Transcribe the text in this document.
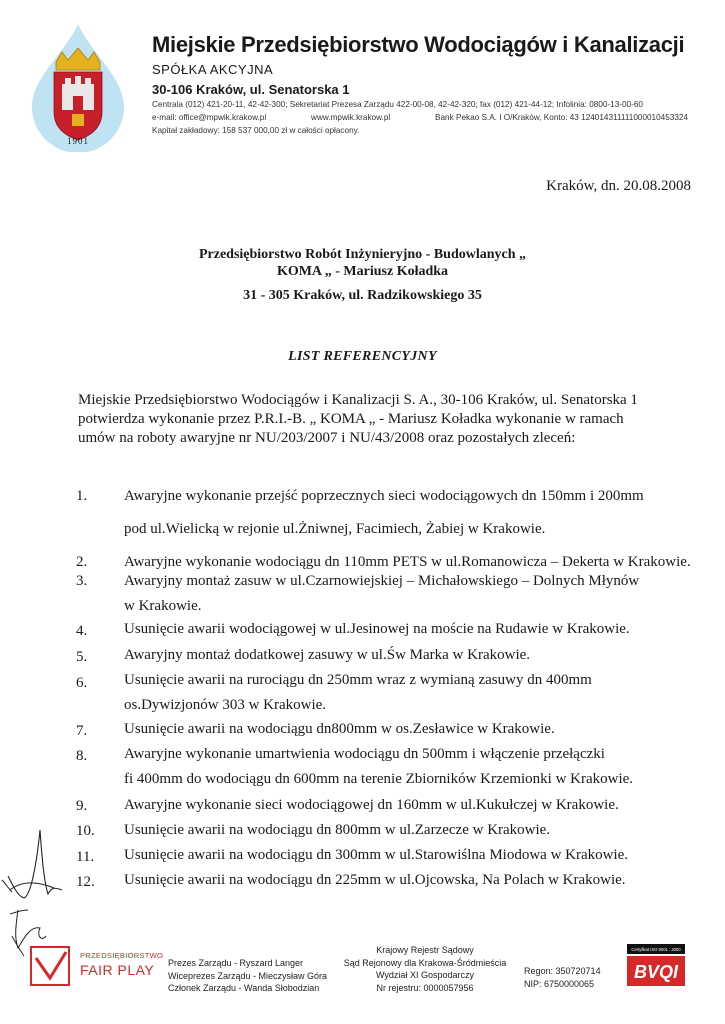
1901
Miejskie Przedsiębiorstwo Wodociągów i Kanalizacji
SPÓŁKA AKCYJNA
30-106 Kraków, ul. Senatorska 1
Centrala (012) 421-20-11, 42-42-300; Sekretariat Prezesa Zarządu 422-00-08, 42-42-320; fax (012) 421-44-12; Infolinia: 0800-13-00-60
e-mail: office@mpwik.krakow.pl	www.mpwik.krakow.pl	Bank Pekao S.A. I O/Kraków, Konto: 43 124014311111000010453324
Kapitał zakładowy: 158 537 000,00 zł w całości opłacony.
Kraków, dn. 20.08.2008
Przedsiębiorstwo Robót Inżynieryjno - Budowlanych „
KOMA „ - Mariusz Koładka
31 - 305 Kraków, ul. Radzikowskiego 35
LIST REFERENCYJNY
Miejskie Przedsiębiorstwo Wodociągów i Kanalizacji S. A., 30-106 Kraków, ul. Senatorska 1
potwierdza wykonanie przez P.R.I.-B. „ KOMA „ - Mariusz Koładka wykonanie w ramach
umów na roboty awaryjne nr NU/203/2007 i NU/43/2008 oraz pozostałych zleceń:
1.	Awaryjne wykonanie przejść poprzecznych sieci wodociągowych dn 150mm i 200mm
pod ul.Wielicką w rejonie ul.Żniwnej, Facimiech, Żabiej w Krakowie.
2.	Awaryjne wykonanie wodociągu dn 110mm PETS w ul.Romanowicza – Dekerta w Krakowie.
3.	Awaryjny montaż zasuw w ul.Czarnowiejskiej – Michałowskiego – Dolnych Młynów
w Krakowie.
4.	Usunięcie awarii wodociągowej w ul.Jesinowej na moście na Rudawie w Krakowie.
5.	Awaryjny montaż dodatkowej zasuwy w ul.Św Marka w Krakowie.
6.	Usunięcie awarii na rurociągu dn 250mm wraz z wymianą zasuwy dn 400mm
os.Dywizjonów 303 w Krakowie.
7.	Usunięcie awarii na wodociągu dn800mm w os.Zesławice w Krakowie.
8.	Awaryjne wykonanie umartwienia wodociągu dn 500mm i włączenie przełączki
fi 400mm do wodociągu dn 600mm na terenie Zbiorników Krzemionki w Krakowie.
9.	Awaryjne wykonanie sieci wodociągowej dn 160mm w ul.Kukułczej w Krakowie.
10. Usunięcie awarii na wodociągu dn 800mm w ul.Zarzecze w Krakowie.
11. Usunięcie awarii na wodociągu dn 300mm w ul.Starowiślna Miodowa w Krakowie.
12. Usunięcie awarii na wodociągu dn 225mm w ul.Ojcowska, Na Polach w Krakowie.
PRZEDSIĘBIORSTWO
FAIR PLAY Prezes Zarządu - Ryszard Langer
Wiceprezes Zarządu - Mieczysław Góra
Członek Zarządu - Wanda Słobodzian
Krajowy Rejestr Sądowy
Sąd Rejonowy dla Krakowa-Śródmieścia
Wydział XI Gospodarczy
Nr rejestru: 0000057956
Regon: 350720714
NIP: 6750000065
Certyfikat ISO 9001 : 2000
BVQI
